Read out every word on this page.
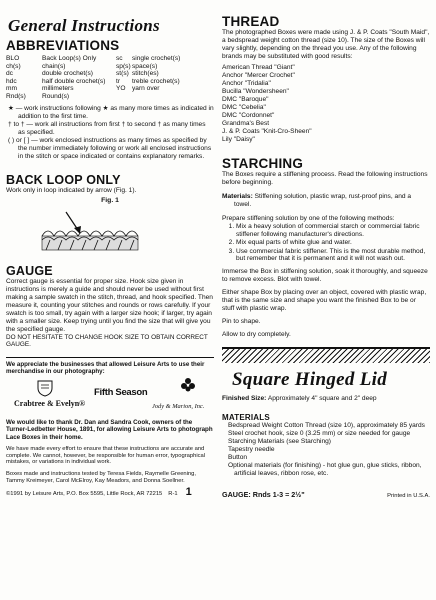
General Instructions
ABBREVIATIONS
BLO	Back Loop(s) Only	sc	single crochet(s)
ch(s)	chain(s)	sp(s) space(s)
dc	double crochet(s)	st(s) stitch(es)
hdc	half double crochet(s)	tr	treble crochet(s)
mm	millimeters	YO yarn over
Rnd(s)	Round(s)

★ — work instructions following ★ as many more times as indicated in addition to the first time.

† to † — work all instructions from first † to second † as many times as specified.

( ) or [ ] — work enclosed instructions as many times as specified by the number immediately following or work all enclosed instructions in the stitch or space indicated or contains explanatory remarks.

BACK LOOP ONLY

Work only in loop indicated by arrow (Fig. 1).

Fig. 1
GAUGE

Correct gauge is essential for proper size. Hook size given in instructions is merely a guide and should never be used without first making a sample swatch in the stitch, thread, and hook specified. Then measure it, counting your stitches and rounds or rows carefully. If your swatch is too small, try again with a larger size hook; if larger, try again with a smaller size. Keep trying until you find the size that will give you the specified gauge.

DO NOT HESITATE TO CHANGE HOOK SIZE TO OBTAIN CORRECT GAUGE.

We appreciate the businesses that allowed Leisure Arts to use their merchandise in our photography:

Crabtree & Evelyn®
Fifth Season
Jody & Marion, Inc.

We would like to thank Dr. Dan and Sandra Cook, owners of the Turner-Ledbetter House, 1891, for allowing Leisure Arts to photograph Lace Boxes in their home.

We have made every effort to ensure that these instructions are accurate and complete. We cannot, however, be responsible for human error, typographical mistakes, or variations in individual work.

Boxes made and instructions tested by Teresa Fields, Raymelle Greening, Tammy Kreimeyer, Carol McElroy, Kay Meadors, and Donna Soellner.

©1991 by Leisure Arts, P.O. Box 5595, Little Rock, AR 72215 R-1 1
THREAD

The photographed Boxes were made using J. & P. Coats "South Maid", a bedspread weight cotton thread (size 10). The size of the Boxes will vary slightly, depending on the thread you use. Any of the following brands may be substituted with good results:

American Thread "Giant"

Anchor "Mercer Crochet"

Anchor "Tridalia"

Bucilla "Wondersheen"

DMC "Baroque"

DMC "Cebelia"

DMC "Cordonnet"

Grandma's Best

J. & P. Coats "Knit-Cro-Sheen"

Lily "Daisy"

STARCHING

The Boxes require a stiffening process. Read the following instructions before beginning.

Materials: Stiffening solution, plastic wrap, rust-proof pins, and a towel.

Prepare stiffening solution by one of the following methods:

1. Mix a heavy solution of commercial starch or commercial fabric stiffener following manufacturer's directions.
2. Mix equal parts of white glue and water.
3. Use commercial fabric stiffener. This is the most durable method, but remember that it is permanent and it will not wash out.

Immerse the Box in stiffening solution, soak it thoroughly, and squeeze to remove excess. Blot with towel.

Either shape Box by placing over an object, covered with plastic wrap, that is the same size and shape you want the finished Box to be or stuff with plastic wrap.

Pin to shape.

Allow to dry completely.

Square Hinged Lid

Finished Size: Approximately 4" square and 2" deep

MATERIALS

Bedspread Weight Cotton Thread (size 10), approximately 85 yards

Steel crochet hook, size 0 (3.25 mm) or size needed for gauge

Starching Materials (see Starching)

Tapestry needle

Button

Optional materials (for finishing) - hot glue gun, glue sticks, ribbon, artificial leaves, ribbon rose, etc.

GAUGE: Rnds 1-3 = 2½"	Printed in U.S.A.
